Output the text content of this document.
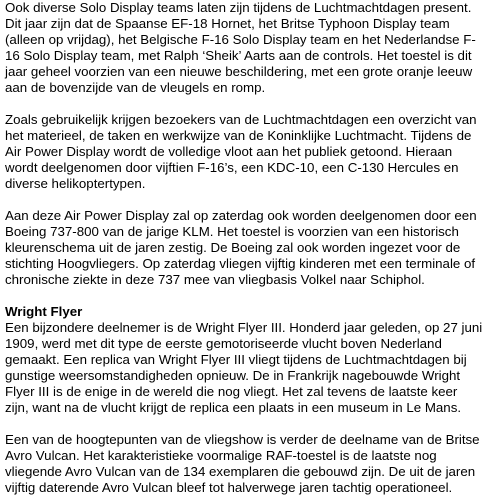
Ook diverse Solo Display teams laten zijn tijdens de Luchtmachtdagen present. Dit jaar zijn dat de Spaanse EF-18 Hornet, het Britse Typhoon Display team (alleen op vrijdag), het Belgische F-16 Solo Display team en het Nederlandse F-16 Solo Display team, met Ralph ‘Sheik’ Aarts aan de controls. Het toestel is dit jaar geheel voorzien van een nieuwe beschildering, met een grote oranje leeuw aan de bovenzijde van de vleugels en romp.

Zoals gebruikelijk krijgen bezoekers van de Luchtmachtdagen een overzicht van het materieel, de taken en werkwijze van de Koninklijke Luchtmacht. Tijdens de Air Power Display wordt de volledige vloot aan het publiek getoond. Hieraan wordt deelgenomen door vijftien F-16’s, een KDC-10, een C-130 Hercules en diverse helikoptertypen.

Aan deze Air Power Display zal op zaterdag ook worden deelgenomen door een Boeing 737-800 van de jarige KLM. Het toestel is voorzien van een historisch kleurenschema uit de jaren zestig. De Boeing zal ook worden ingezet voor de stichting Hoogvliegers. Op zaterdag vliegen vijftig kinderen met een terminale of chronische ziekte in deze 737 mee van vliegbasis Volkel naar Schiphol.

Wright Flyer

Een bijzondere deelnemer is de Wright Flyer III. Honderd jaar geleden, op 27 juni 1909, werd met dit type de eerste gemotoriseerde vlucht boven Nederland gemaakt. Een replica van Wright Flyer III vliegt tijdens de Luchtmachtdagen bij gunstige weersomstandigheden opnieuw. De in Frankrijk nagebouwde Wright Flyer III is de enige in de wereld die nog vliegt. Het zal tevens de laatste keer zijn, want na de vlucht krijgt de replica een plaats in een museum in Le Mans.

Een van de hoogtepunten van de vliegshow is verder de deelname van de Britse Avro Vulcan. Het karakteristieke voormalige RAF-toestel is de laatste nog vliegende Avro Vulcan van de 134 exemplaren die gebouwd zijn. De uit de jaren vijftig daterende Avro Vulcan bleef tot halverwege jaren tachtig operationeel.
